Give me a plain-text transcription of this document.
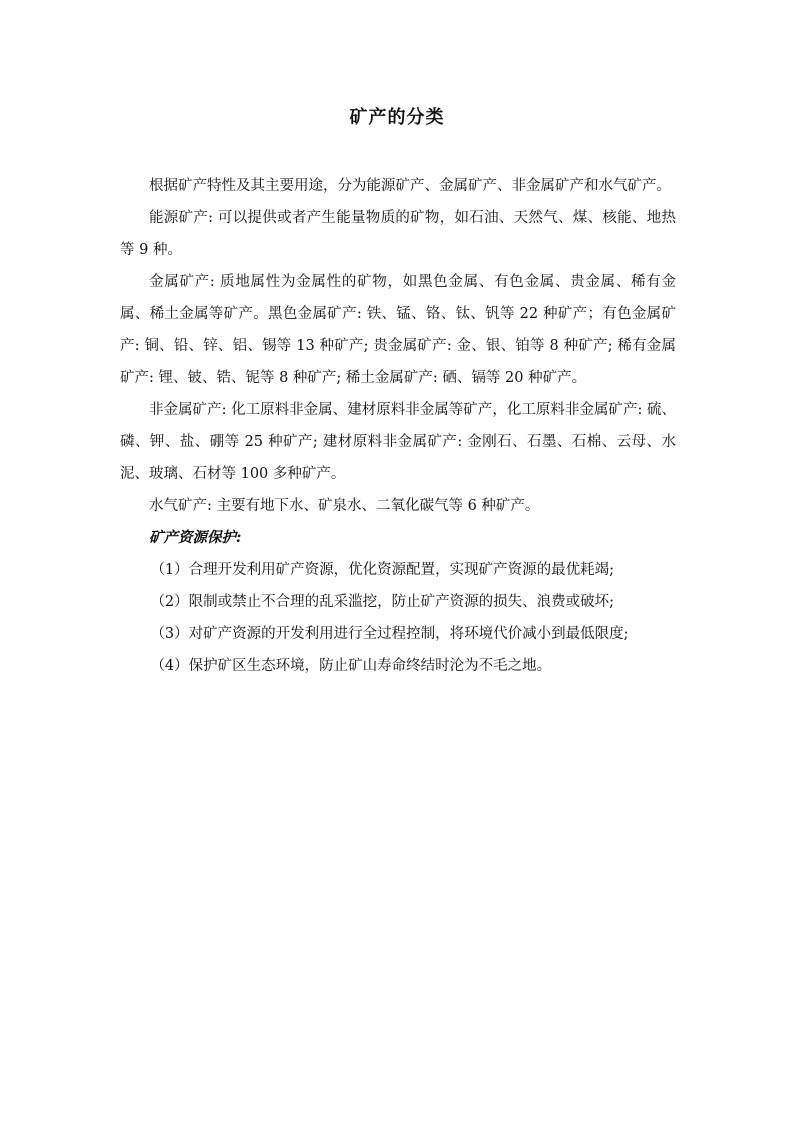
矿产的分类

根据矿产特性及其主要用途，分为能源矿产、金属矿产、非金属矿产和水气矿产。

能源矿产: 可以提供或者产生能量物质的矿物，如石油、天然气、煤、核能、地热等 9 种。

金属矿产: 质地属性为金属性的矿物，如黑色金属、有色金属、贵金属、稀有金属、稀土金属等矿产。黑色金属矿产: 铁、锰、铬、钛、钒等 22 种矿产；有色金属矿产: 铜、铅、锌、铝、锡等 13 种矿产; 贵金属矿产: 金、银、铂等 8 种矿产; 稀有金属矿产: 锂、铍、锆、铌等 8 种矿产; 稀土金属矿产: 硒、镉等 20 种矿产。

非金属矿产: 化工原料非金属、建材原料非金属等矿产，化工原料非金属矿产: 硫、磷、钾、盐、硼等 25 种矿产; 建材原料非金属矿产: 金刚石、石墨、石棉、云母、水泥、玻璃、石材等 100 多种矿产。

水气矿产: 主要有地下水、矿泉水、二氧化碳气等 6 种矿产。

矿产资源保护:

（1）合理开发利用矿产资源，优化资源配置，实现矿产资源的最优耗竭;

（2）限制或禁止不合理的乱采滥挖，防止矿产资源的损失、浪费或破坏;

（3）对矿产资源的开发利用进行全过程控制，将环境代价减小到最低限度;

（4）保护矿区生态环境，防止矿山寿命终结时沦为不毛之地。
